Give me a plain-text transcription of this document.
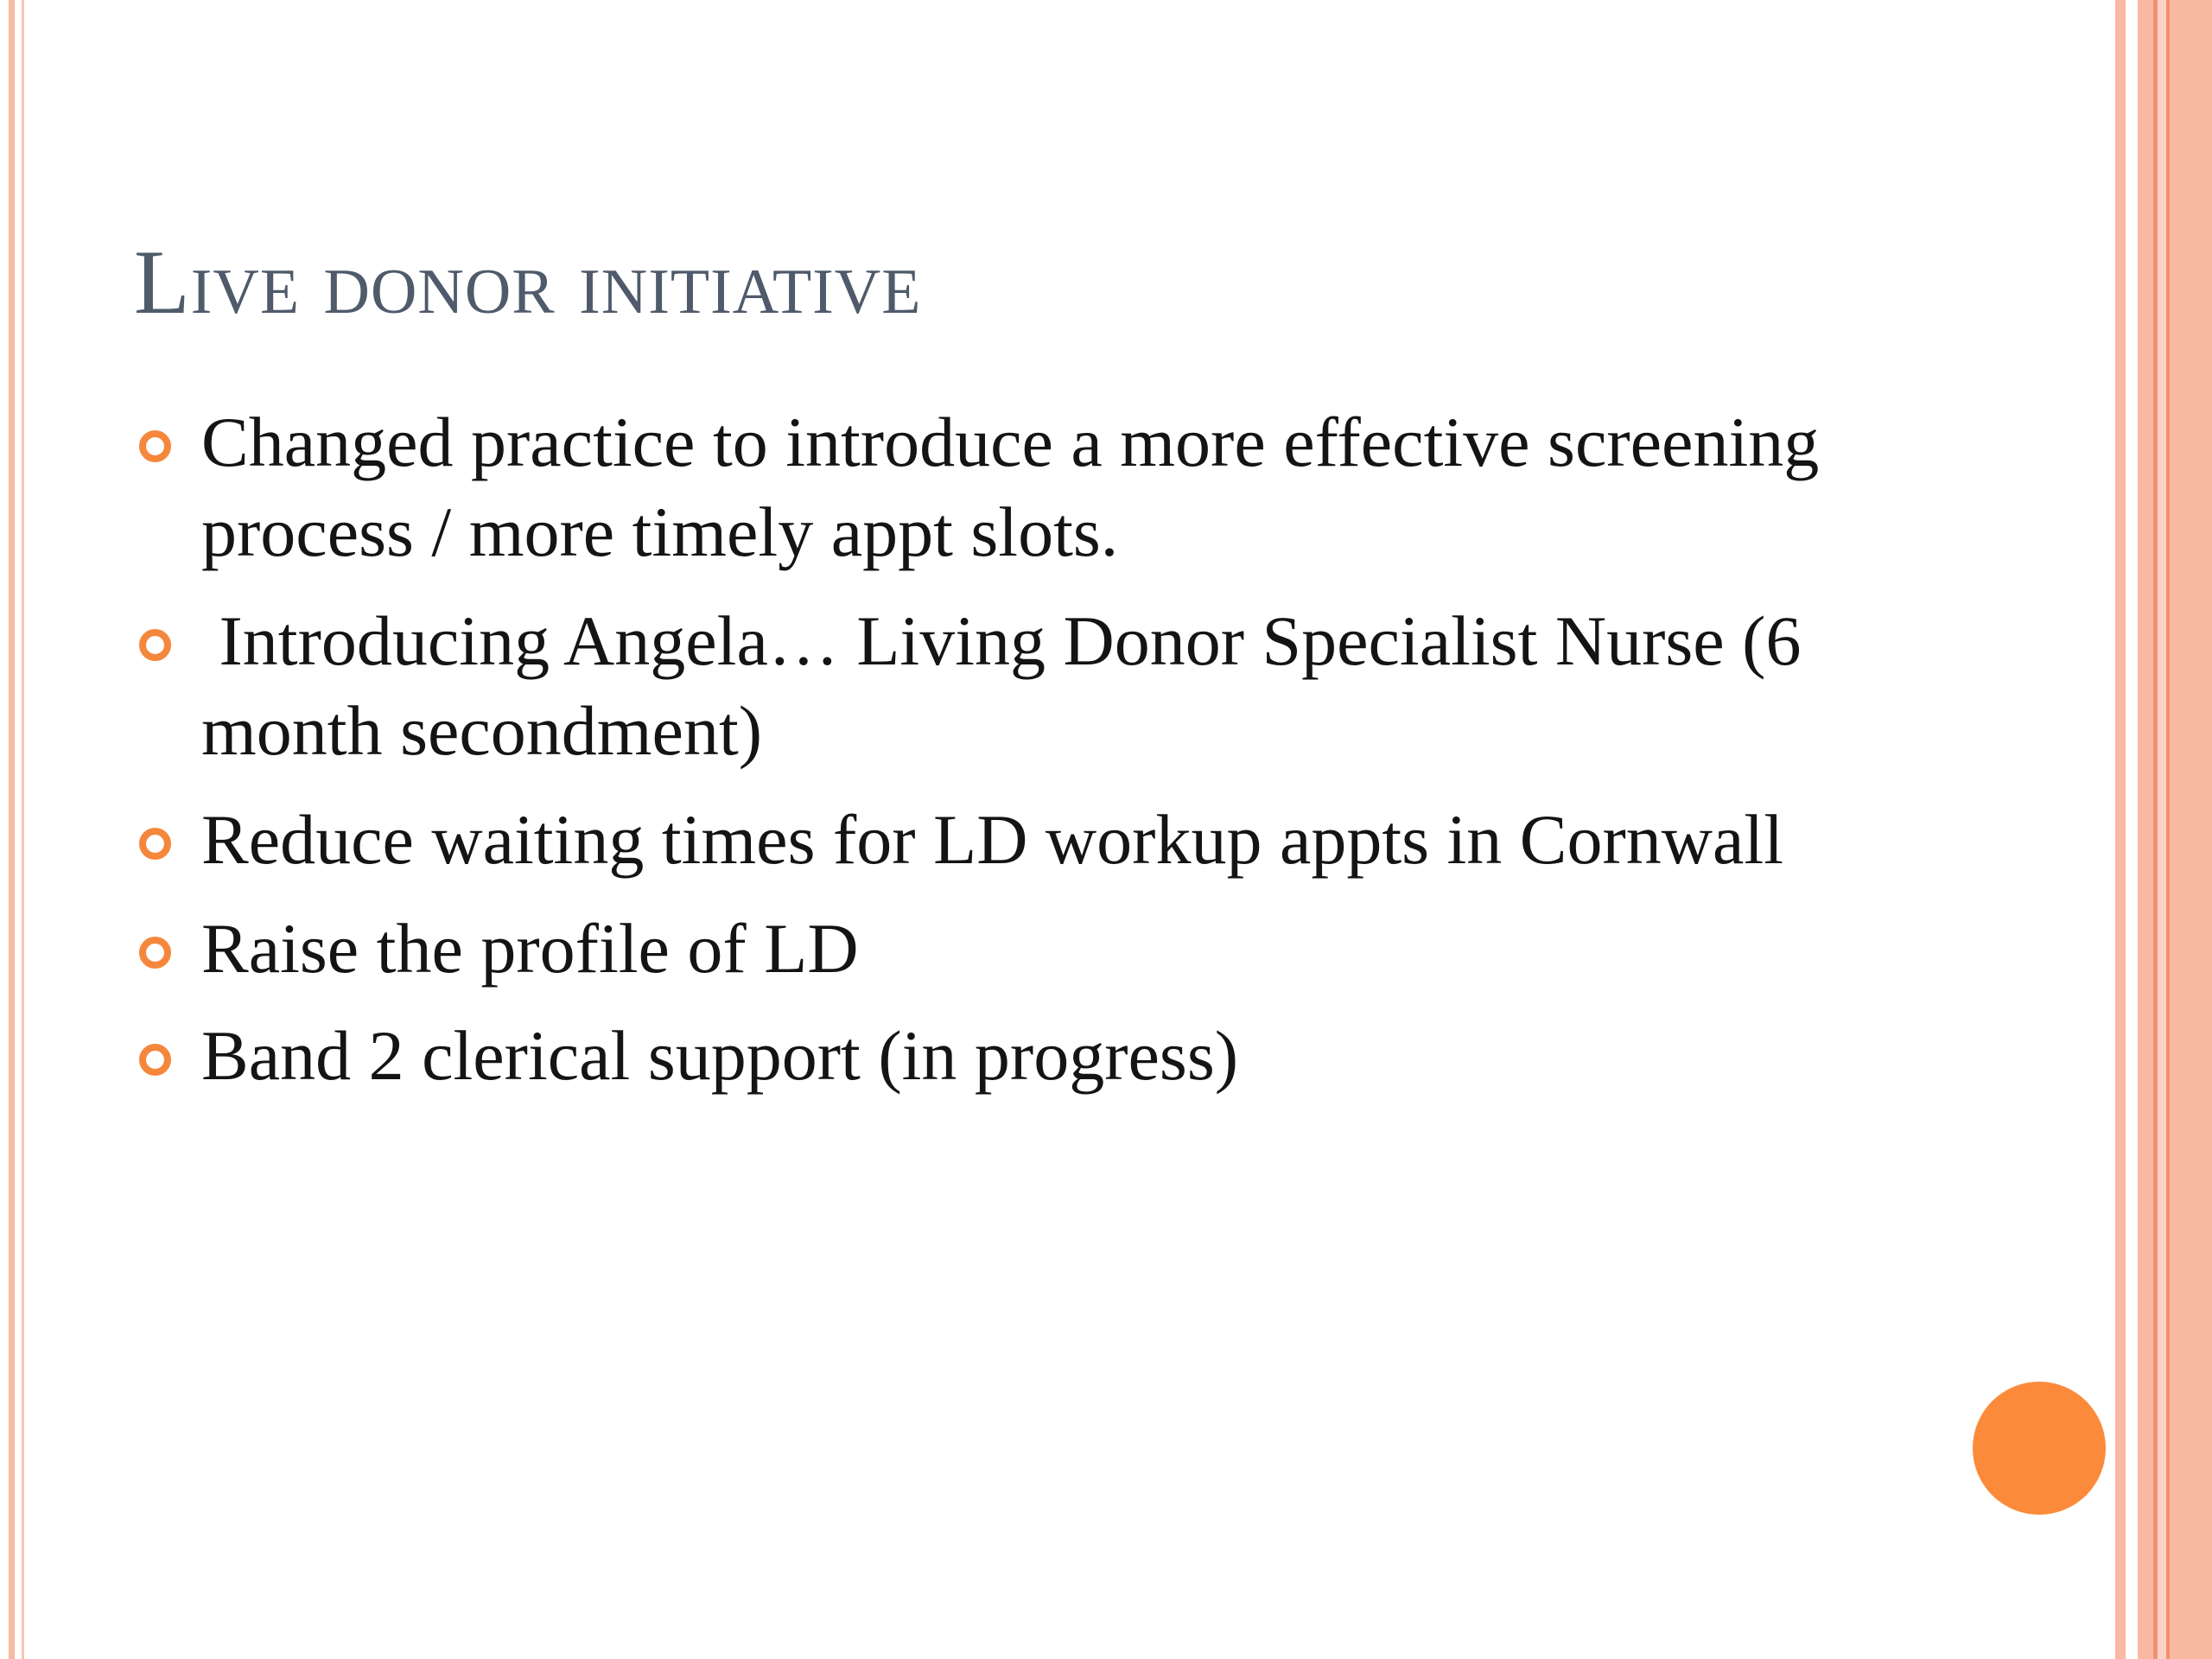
Live donor initiative
Changed practice to introduce a more effective screening process / more timely appt slots.
Introducing Angela… Living Donor Specialist Nurse (6 month secondment)
Reduce waiting times for LD workup appts in Cornwall
Raise the profile of LD
Band 2 clerical support (in progress)
